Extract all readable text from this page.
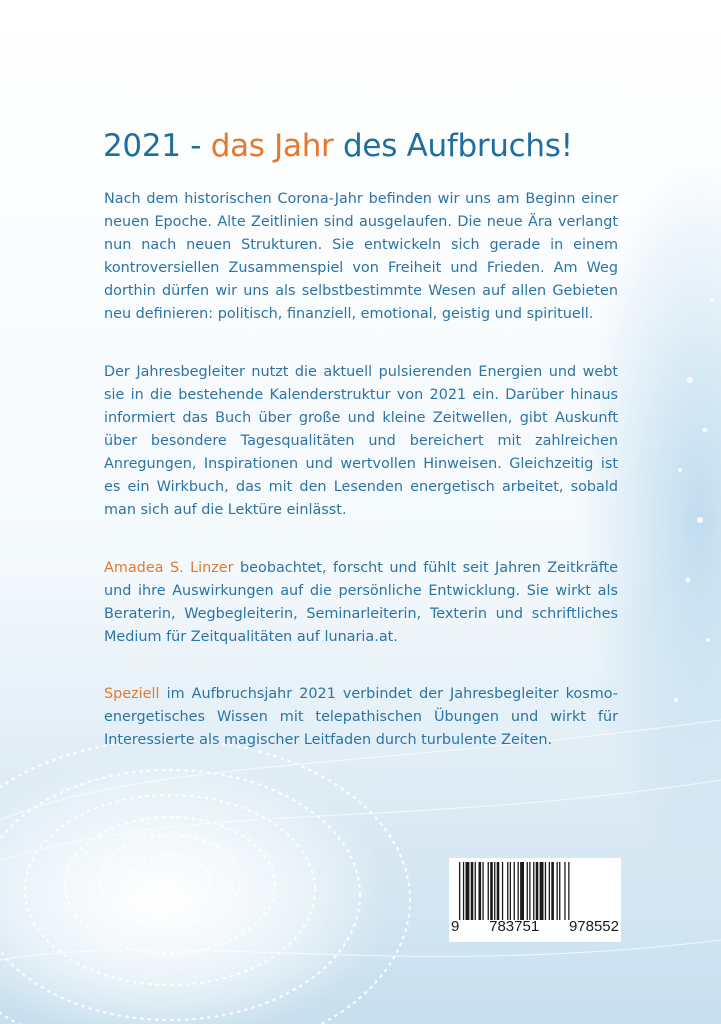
2021 - das Jahr des Aufbruchs!

Nach dem historischen Corona-Jahr befinden wir uns am Beginn einer neuen Epoche. Alte Zeitlinien sind ausgelaufen. Die neue Ära verlangt nun nach neuen Strukturen. Sie entwickeln sich gerade in einem kontroversiellen Zusammenspiel von Freiheit und Frieden. Am Weg dorthin dürfen wir uns als selbstbestimmte Wesen auf allen Gebieten neu definieren: politisch, finanziell, emotional, geistig und spirituell.

Der Jahresbegleiter nutzt die aktuell pulsierenden Energien und webt sie in die bestehende Kalenderstruktur von 2021 ein. Darüber hinaus informiert das Buch über große und kleine Zeitwellen, gibt Auskunft über besondere Tagesqualitäten und bereichert mit zahlreichen Anregungen, Inspirationen und wertvollen Hinweisen. Gleichzeitig ist es ein Wirkbuch, das mit den Lesenden energetisch arbeitet, sobald man sich auf die Lektüre einlässt.

Amadea S. Linzer beobachtet, forscht und fühlt seit Jahren Zeitkräfte und ihre Auswirkungen auf die persönliche Entwicklung. Sie wirkt als Beraterin, Wegbegleiterin, Seminarleiterin, Texterin und schriftliches Medium für Zeitqualitäten auf lunaria.at.

Speziell im Aufbruchsjahr 2021 verbindet der Jahresbegleiter kosmo-energetisches Wissen mit telepathischen Übungen und wirkt für Interessierte als magischer Leitfaden durch turbulente Zeiten.

9 783751 978552
